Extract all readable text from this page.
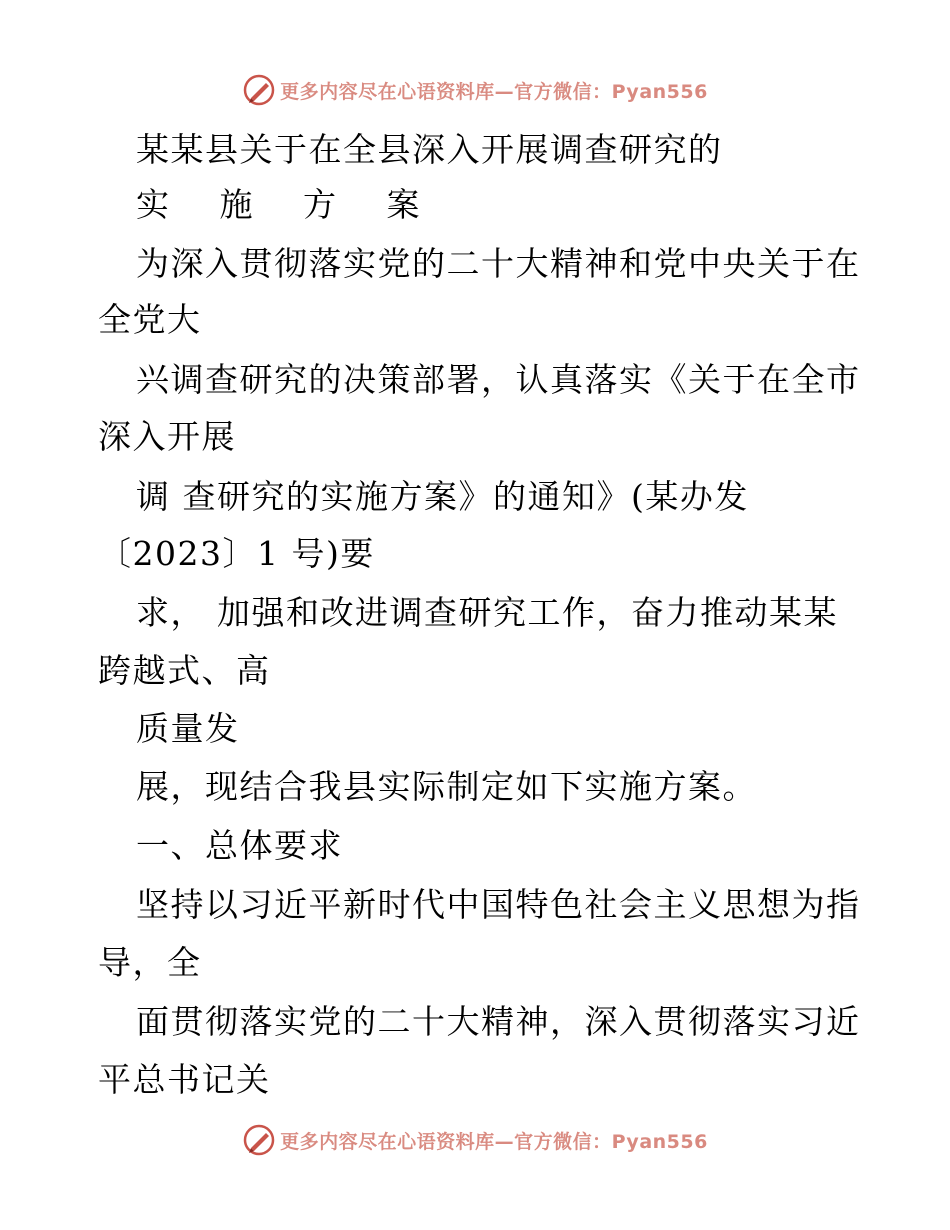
更多内容尽在心语资料库—官方微信：Pyan556
某某县关于在全县深入开展调查研究的
实 施 方 案
为深入贯彻落实党的二十大精神和党中央关于在
全党大
兴调查研究的决策部署，认真落实《关于在全市
深入开展
调 查研究的实施方案》的通知》(某办发
〔2023〕1 号)要
求， 加强和改进调查研究工作，奋力推动某某
跨越式、高
质量发
展，现结合我县实际制定如下实施方案。
一、总体要求
坚持以习近平新时代中国特色社会主义思想为指
导，全
面贯彻落实党的二十大精神，深入贯彻落实习近
平总书记关
更多内容尽在心语资料库—官方微信：Pyan556
